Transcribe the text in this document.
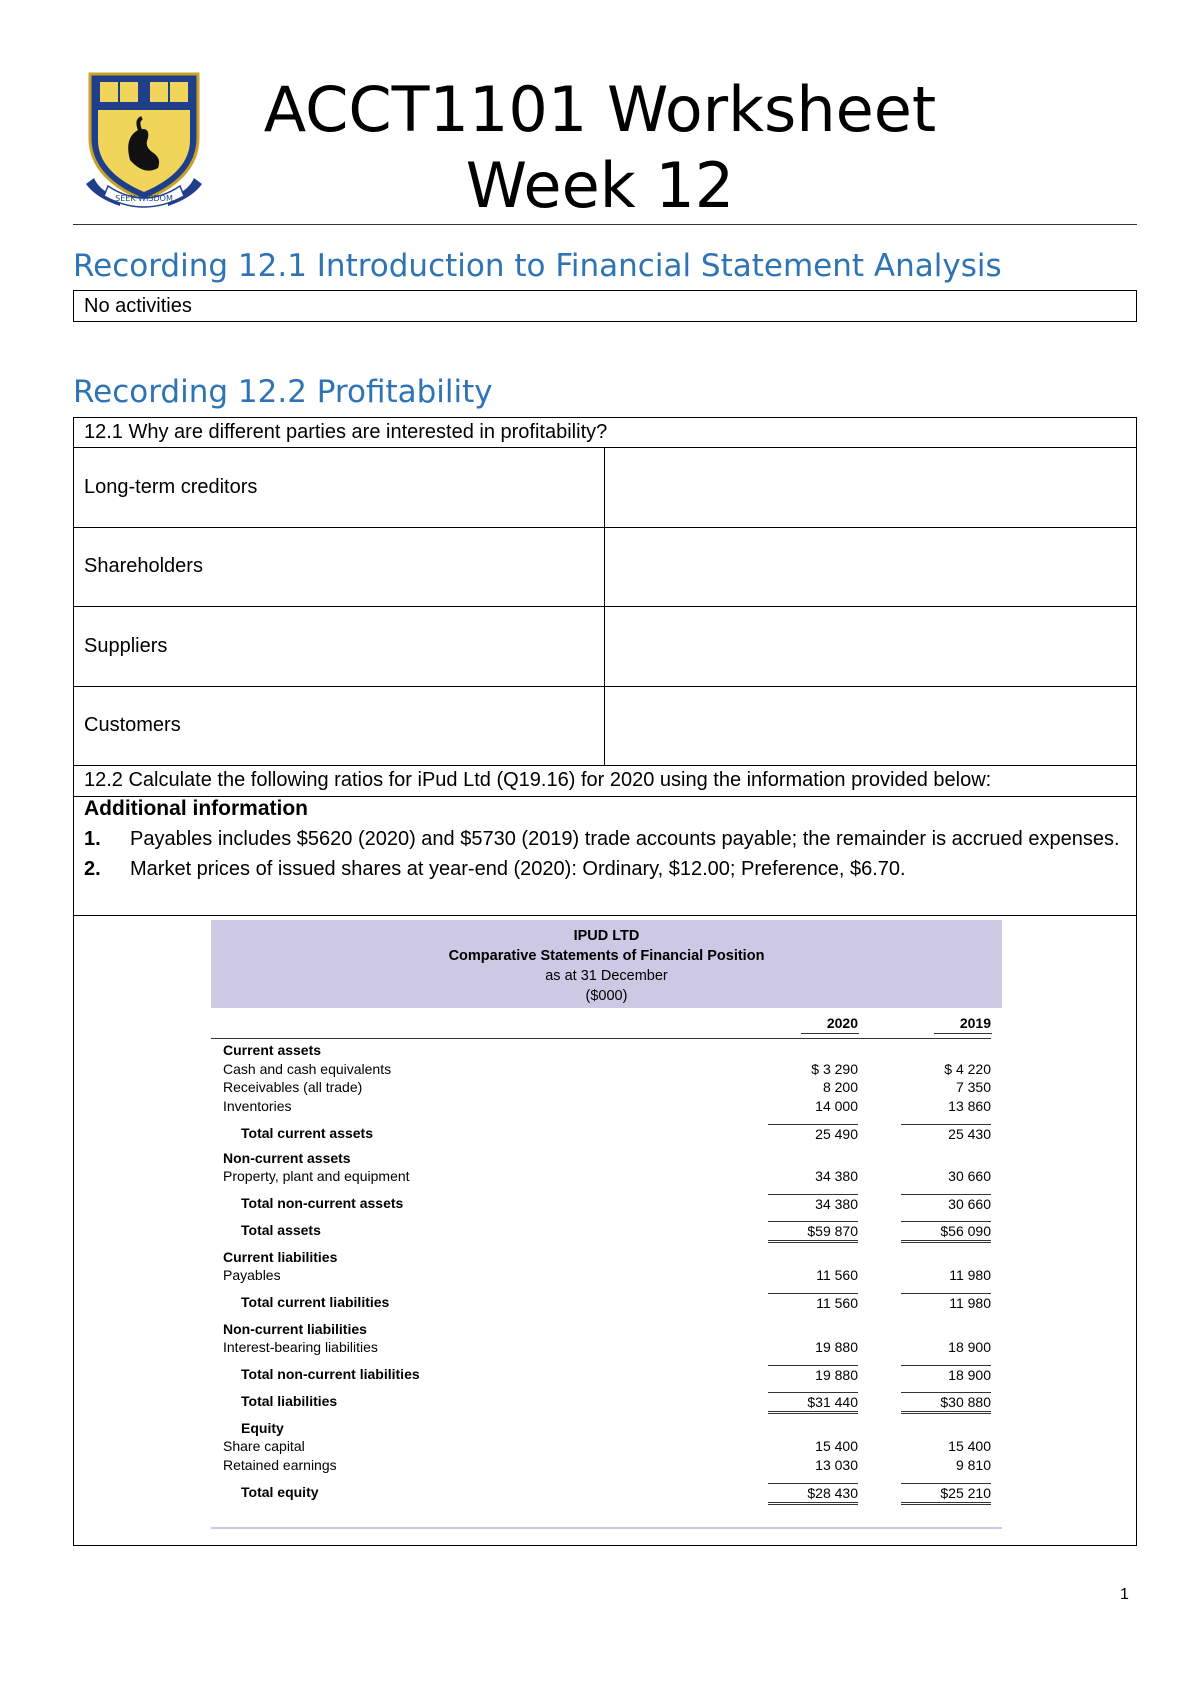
SEEK WISDOM
ACCT1101 Worksheet
Week 12
Recording 12.1 Introduction to Financial Statement Analysis
No activities
Recording 12.2 Profitability
12.1 Why are different parties are interested in profitability?
Long-term creditors
Shareholders
Suppliers
Customers
12.2 Calculate the following ratios for iPud Ltd (Q19.16) for 2020 using the information provided below:
Additional information
1. Payables includes $5620 (2020) and $5730 (2019) trade accounts payable; the remainder is accrued expenses.
2. Market prices of issued shares at year-end (2020): Ordinary, $12.00; Preference, $6.70.
IPUD LTD
Comparative Statements of Financial Position
as at 31 December
($000)
2020	2019
Current assets
Cash and cash equivalents	$ 3 290	$ 4 220
Receivables (all trade)	8 200	7 350
Inventories	14 000	13 860
Total current assets	25 490	25 430
Non-current assets
Property, plant and equipment	34 380	30 660
Total non-current assets	34 380	30 660
Total assets	$59 870	$56 090
Current liabilities
Payables	11 560	11 980
Total current liabilities	11 560	11 980
Non-current liabilities
Interest-bearing liabilities	19 880	18 900
Total non-current liabilities	19 880	18 900
Total liabilities	$31 440	$30 880
Equity
Share capital	15 400	15 400
Retained earnings	13 030	9 810
Total equity	$28 430	$25 210
1
